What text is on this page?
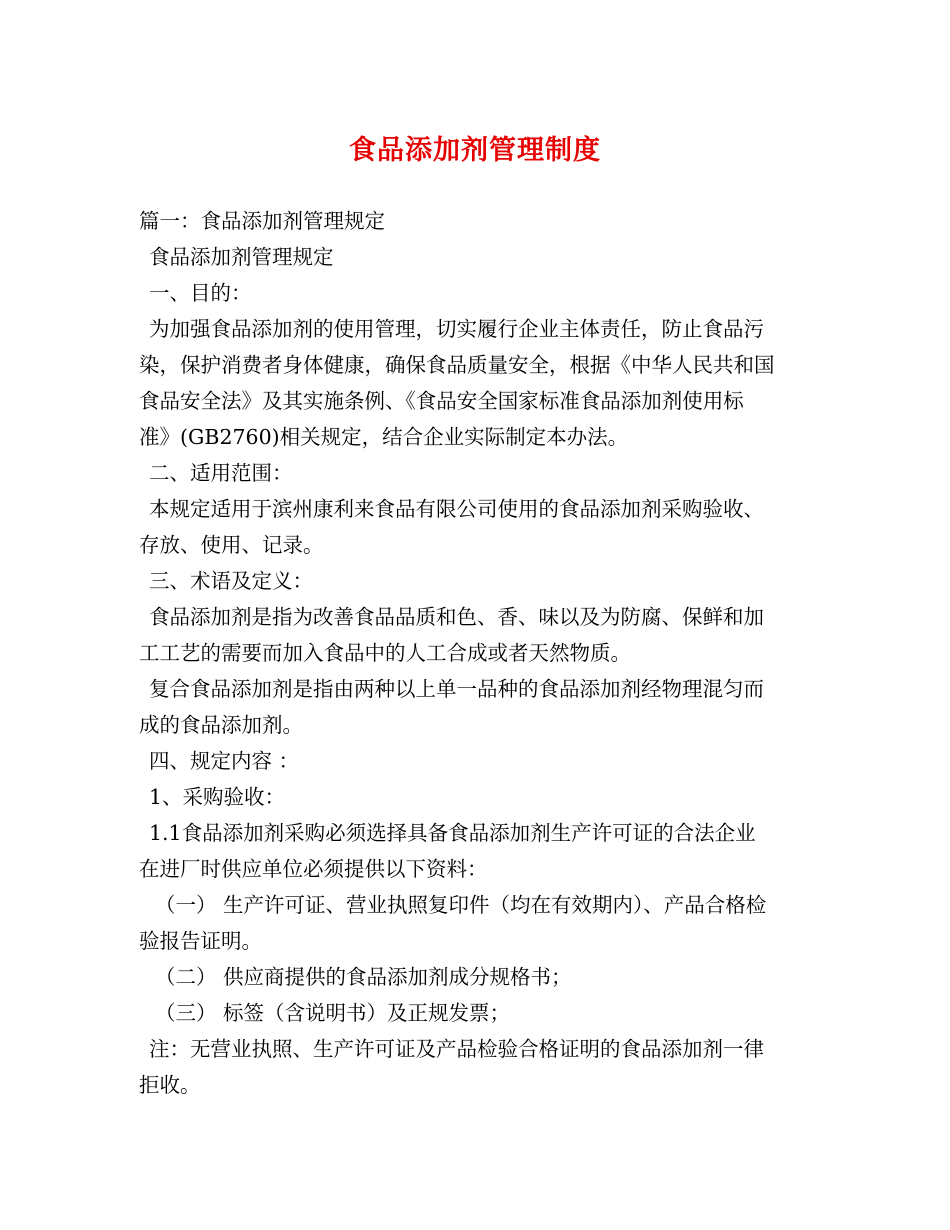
食品添加剂管理制度
篇一：食品添加剂管理规定
食品添加剂管理规定
一、目的：
为加强食品添加剂的使用管理，切实履行企业主体责任，防止食品污
染，保护消费者身体健康，确保食品质量安全，根据《中华人民共和国
食品安全法》及其实施条例、《食品安全国家标准食品添加剂使用标
准》(GB2760)相关规定，结合企业实际制定本办法。
二、适用范围：
本规定适用于滨州康利来食品有限公司使用的食品添加剂采购验收、
存放、使用、记录。
三、术语及定义：
食品添加剂是指为改善食品品质和色、香、味以及为防腐、保鲜和加
工工艺的需要而加入食品中的人工合成或者天然物质。
复合食品添加剂是指由两种以上单一品种的食品添加剂经物理混匀而
成的食品添加剂。
四、规定内容 ：
1、采购验收：
1.1食品添加剂采购必须选择具备食品添加剂生产许可证的合法企业
在进厂时供应单位必须提供以下资料：
（一） 生产许可证、营业执照复印件（均在有效期内）、产品合格检
验报告证明。
（二） 供应商提供的食品添加剂成分规格书；
（三） 标签（含说明书）及正规发票；
注：无营业执照、生产许可证及产品检验合格证明的食品添加剂一律
拒收。
